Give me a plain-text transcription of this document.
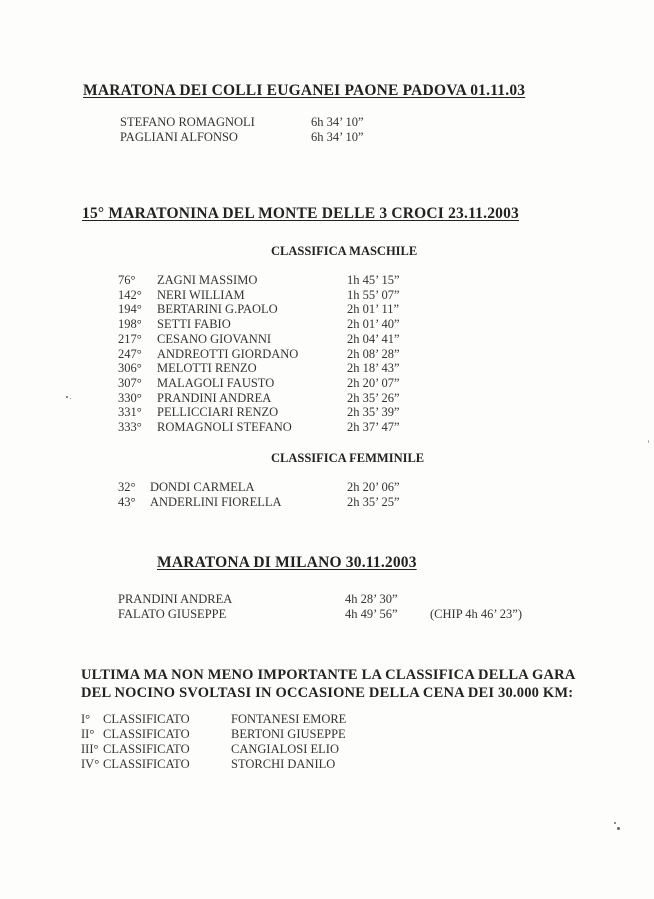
MARATONA DEI COLLI EUGANEI PAONE PADOVA 01.11.03
STEFANO ROMAGNOLI	6h 34’ 10”
PAGLIANI ALFONSO	6h 34’ 10”
15° MARATONINA DEL MONTE DELLE 3 CROCI 23.11.2003
CLASSIFICA MASCHILE
76° ZAGNI MASSIMO	1h 45’ 15”
142° NERI WILLIAM	1h 55’ 07”
194° BERTARINI G.PAOLO	2h 01’ 11”
198° SETTI FABIO	2h 01’ 40”
217° CESANO GIOVANNI	2h 04’ 41”
247° ANDREOTTI GIORDANO	2h 08’ 28”
306° MELOTTI RENZO	2h 18’ 43”
307° MALAGOLI FAUSTO	2h 20’ 07”
330° PRANDINI ANDREA	2h 35’ 26”
331° PELLICCIARI RENZO	2h 35’ 39”
333° ROMAGNOLI STEFANO	2h 37’ 47”
CLASSIFICA FEMMINILE
32° DONDI CARMELA	2h 20’ 06”
43° ANDERLINI FIORELLA	2h 35’ 25”
MARATONA DI MILANO 30.11.2003
PRANDINI ANDREA	4h 28’ 30”
FALATO GIUSEPPE	4h 49’ 56”	(CHIP 4h 46’ 23”)
ULTIMA MA NON MENO IMPORTANTE LA CLASSIFICA DELLA GARA
DEL NOCINO SVOLTASI IN OCCASIONE DELLA CENA DEI 30.000 KM:
I° CLASSIFICATO	FONTANESI EMORE
II° CLASSIFICATO	BERTONI GIUSEPPE
III° CLASSIFICATO	CANGIALOSI ELIO
IV° CLASSIFICATO	STORCHI DANILO
